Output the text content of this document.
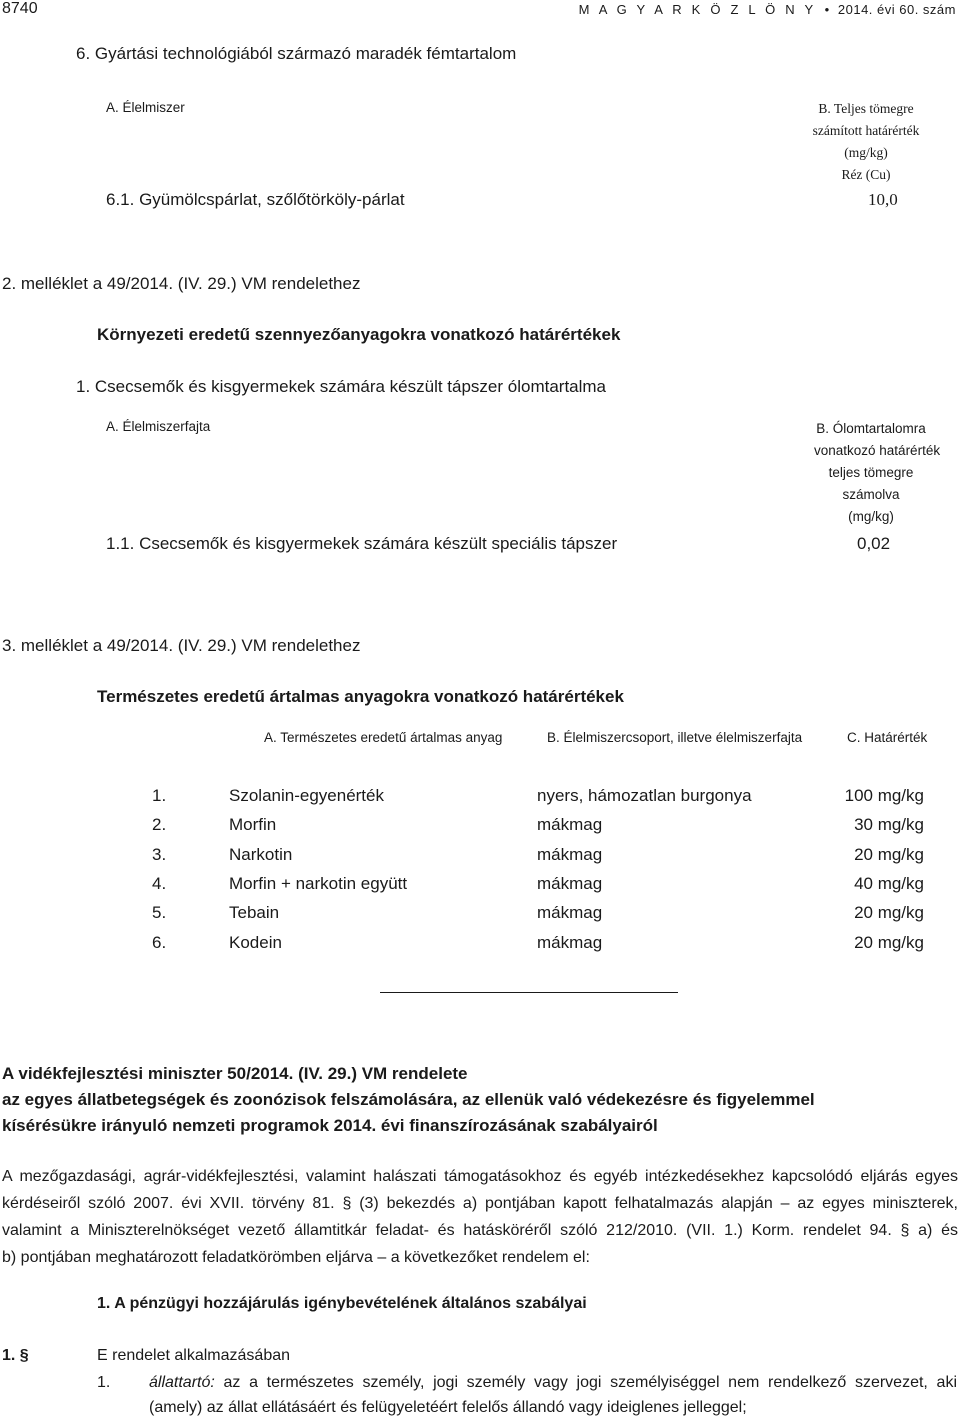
8740	M A G Y A R K Ö Z L Ö N Y • 2014. évi 60. szám
6. Gyártási technológiából származó maradék fémtartalom
A. Élelmiszer	B. Teljes tömegre
számított határérték
(mg/kg)
Réz (Cu)
6.1. Gyümölcspárlat, szőlőtörköly-párlat	10,0
2. melléklet a 49/2014. (IV. 29.) VM rendelethez
Környezeti eredetű szennyezőanyagokra vonatkozó határértékek
1. Csecsemők és kisgyermekek számára készült tápszer ólomtartalma
A. Élelmiszerfajta	B. Ólomtartalomra
vonatkozó határérték
teljes tömegre
számolva
(mg/kg)
1.1. Csecsemők és kisgyermekek számára készült speciális tápszer	0,02
3. melléklet a 49/2014. (IV. 29.) VM rendelethez
Természetes eredetű ártalmas anyagokra vonatkozó határértékek
A. Természetes eredetű ártalmas anyag	B. Élelmiszercsoport, illetve élelmiszerfajta	C. Határérték
1.	Szolanin-egyenérték	nyers, hámozatlan burgonya	100 mg/kg
2.	Morfin	mákmag	30 mg/kg
3.	Narkotin	mákmag	20 mg/kg
4.	Morfin + narkotin együtt	mákmag	40 mg/kg
5.	Tebain	mákmag	20 mg/kg
6.	Kodein	mákmag	20 mg/kg
A vidékfejlesztési miniszter 50/2014. (IV. 29.) VM rendelete
az egyes állatbetegségek és zoonózisok felszámolására, az ellenük való védekezésre és figyelemmel
kísérésükre irányuló nemzeti programok 2014. évi finanszírozásának szabályairól
A mezőgazdasági, agrár-vidékfejlesztési, valamint halászati támogatásokhoz és egyéb intézkedésekhez kapcsolódó eljárás egyes
kérdéseiről szóló 2007. évi XVII. törvény 81. § (3) bekezdés a) pontjában kapott felhatalmazás alapján – az egyes miniszterek,
valamint a Miniszterelnökséget vezető államtitkár feladat- és hatásköréről szóló 212/2010. (VII. 1.) Korm. rendelet 94. § a) és
b) pontjában meghatározott feladatkörömben eljárva – a következőket rendelem el:
1. A pénzügyi hozzájárulás igénybevételének általános szabályai
1. §	E rendelet alkalmazásában
1. állattartó: az a természetes személy, jogi személy vagy jogi személyiséggel nem rendelkező szervezet, aki
(amely) az állat ellátásáért és felügyeletéért felelős állandó vagy ideiglenes jelleggel;
